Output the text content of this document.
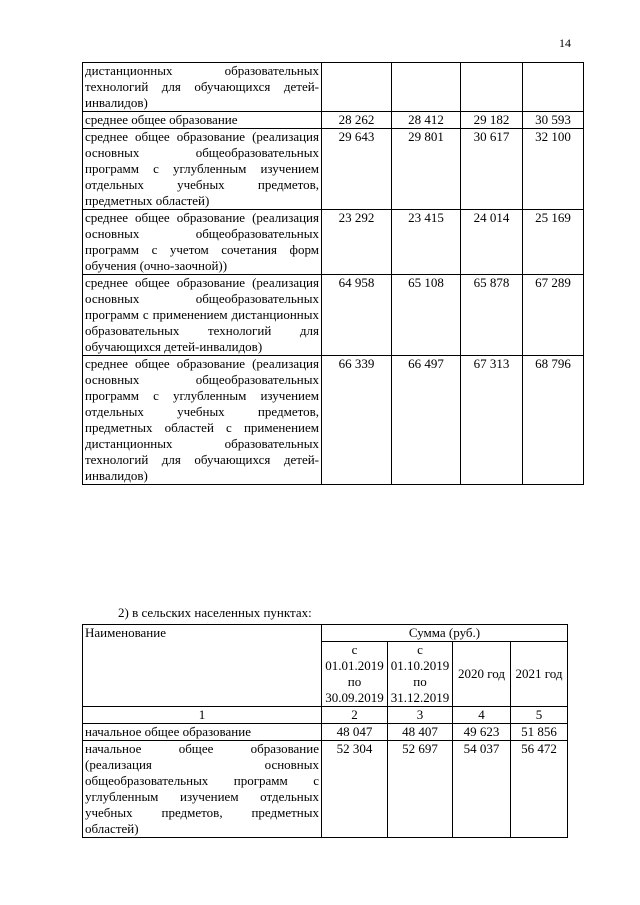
14
дистанционных образовательных технологий для обучающихся детей-инвалидов)				
среднее общее образование	28 262	28 412	29 182	30 593
среднее общее образование (реализация основных общеобразовательных программ с углубленным изучением отдельных учебных предметов, предметных областей)	29 643	29 801	30 617	32 100
среднее общее образование (реализация основных общеобразовательных программ с учетом сочетания форм обучения (очно-заочной))	23 292	23 415	24 014	25 169
среднее общее образование (реализация основных общеобразовательных программ с применением дистанционных образовательных технологий для обучающихся детей-инвалидов)	64 958	65 108	65 878	67 289
среднее общее образование (реализация основных общеобразовательных программ с углубленным изучением отдельных учебных предметов, предметных областей с применением дистанционных образовательных технологий для обучающихся детей-инвалидов)	66 339	66 497	67 313	68 796
2) в сельских населенных пунктах:
Наименование	Сумма (руб.)			
	с 01.01.2019 по 30.09.2019	с 01.10.2019 по 31.12.2019	2020 год	2021 год
1	2	3	4	5
начальное общее образование	48 047	48 407	49 623	51 856
начальное общее образование (реализация основных общеобразовательных программ с углубленным изучением отдельных учебных предметов, предметных областей)	52 304	52 697	54 037	56 472
